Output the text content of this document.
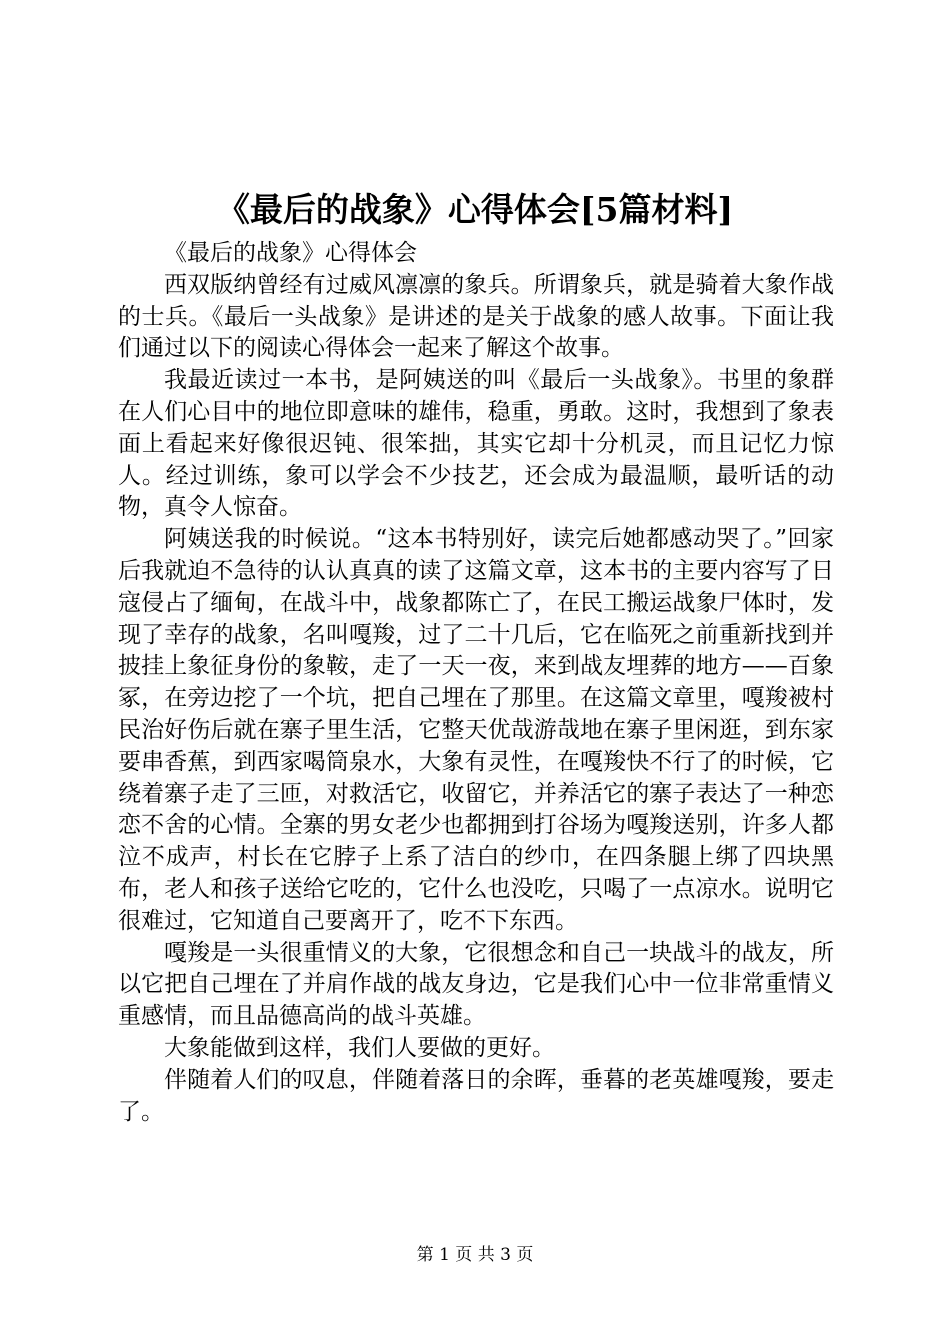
《最后的战象》心得体会[5篇材料]

《最后的战象》心得体会

西双版纳曾经有过威风凛凛的象兵。所谓象兵，就是骑着大象作战的士兵。《最后一头战象》是讲述的是关于战象的感人故事。下面让我们通过以下的阅读心得体会一起来了解这个故事。

我最近读过一本书，是阿姨送的叫《最后一头战象》。书里的象群在人们心目中的地位即意味的雄伟，稳重，勇敢。这时，我想到了象表面上看起来好像很迟钝、很笨拙，其实它却十分机灵，而且记忆力惊人。经过训练，象可以学会不少技艺，还会成为最温顺，最听话的动物，真令人惊奋。

阿姨送我的时候说。“这本书特别好，读完后她都感动哭了。”回家后我就迫不急待的认认真真的读了这篇文章，这本书的主要内容写了日寇侵占了缅甸，在战斗中，战象都陈亡了，在民工搬运战象尸体时，发现了幸存的战象，名叫嘎羧，过了二十几后，它在临死之前重新找到并披挂上象征身份的象鞍，走了一天一夜，来到战友埋葬的地方——百象冢，在旁边挖了一个坑，把自己埋在了那里。在这篇文章里，嘎羧被村民治好伤后就在寨子里生活，它整天优哉游哉地在寨子里闲逛，到东家要串香蕉，到西家喝筒泉水，大象有灵性，在嘎羧快不行了的时候，它绕着寨子走了三匝，对救活它，收留它，并养活它的寨子表达了一种恋恋不舍的心情。全寨的男女老少也都拥到打谷场为嘎羧送别，许多人都泣不成声，村长在它脖子上系了洁白的纱巾，在四条腿上绑了四块黑布，老人和孩子送给它吃的，它什么也没吃，只喝了一点凉水。说明它很难过，它知道自己要离开了，吃不下东西。

嘎羧是一头很重情义的大象，它很想念和自己一块战斗的战友，所以它把自己埋在了并肩作战的战友身边，它是我们心中一位非常重情义重感情，而且品德高尚的战斗英雄。

大象能做到这样，我们人要做的更好。

伴随着人们的叹息，伴随着落日的余晖，垂暮的老英雄嘎羧，要走了。

第 1 页 共 3 页
